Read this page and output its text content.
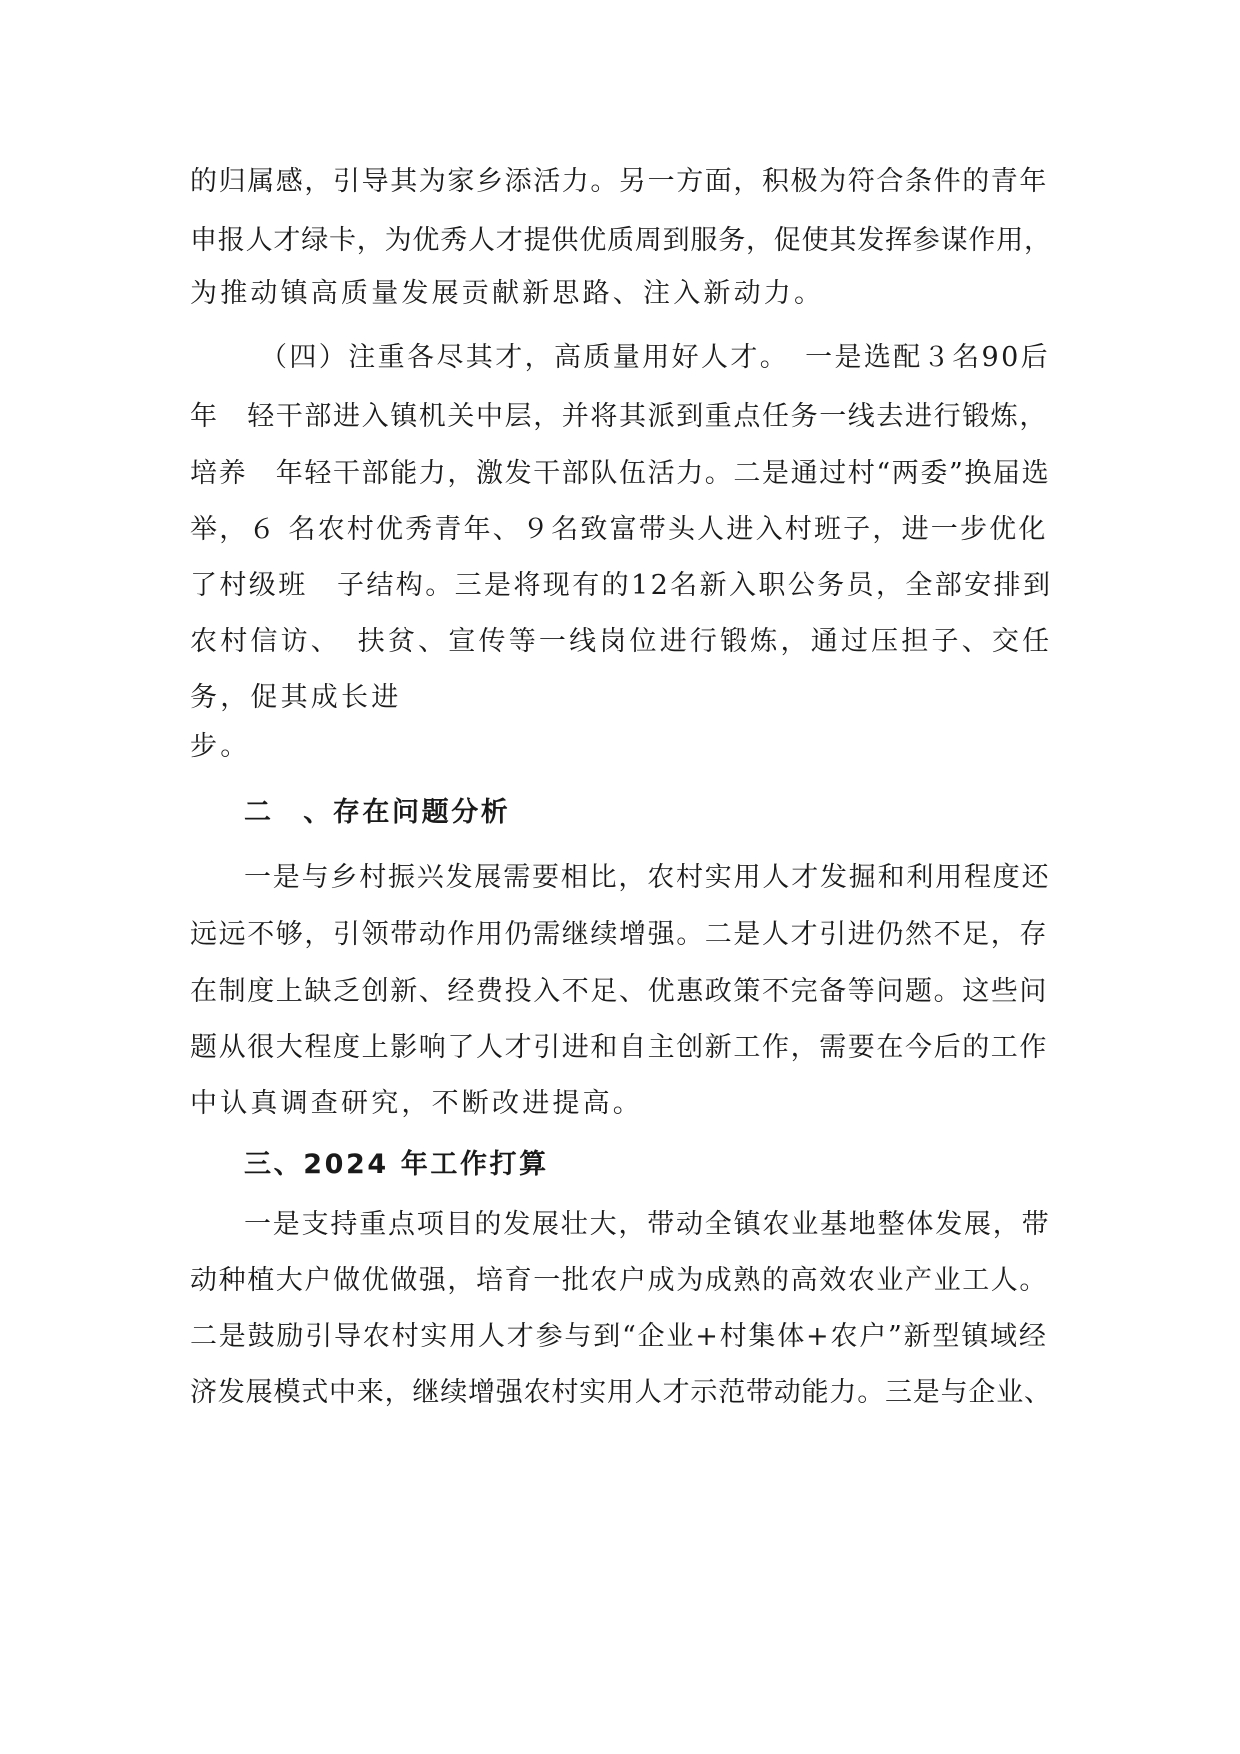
的归属感，引导其为家乡添活力。另一方面，积极为符合条件的青年

申报人才绿卡，为优秀人才提供优质周到服务，促使其发挥参谋作用，

为推动镇高质量发展贡献新思路、注入新动力。

（四）注重各尽其才，高质量用好人才。　一是选配３名90后

年　轻干部进入镇机关中层，并将其派到重点任务一线去进行锻炼，

培养　年轻干部能力，激发干部队伍活力。二是通过村“两委”换届选

举，６ 名农村优秀青年、９名致富带头人进入村班子，进一步优化

了村级班　子结构。三是将现有的12名新入职公务员，全部安排到

农村信访、　扶贫、宣传等一线岗位进行锻炼，通过压担子、交任

务，促其成长进

步。

二　、存在问题分析

一是与乡村振兴发展需要相比，农村实用人才发掘和利用程度还

远远不够，引领带动作用仍需继续增强。二是人才引进仍然不足，存

在制度上缺乏创新、经费投入不足、优惠政策不完备等问题。这些问

题从很大程度上影响了人才引进和自主创新工作，需要在今后的工作

中认真调查研究，不断改进提高。

三、2024 年工作打算

一是支持重点项目的发展壮大，带动全镇农业基地整体发展，带

动种植大户做优做强，培育一批农户成为成熟的高效农业产业工人。

二是鼓励引导农村实用人才参与到“企业+村集体+农户”新型镇域经

济发展模式中来，继续增强农村实用人才示范带动能力。三是与企业、
